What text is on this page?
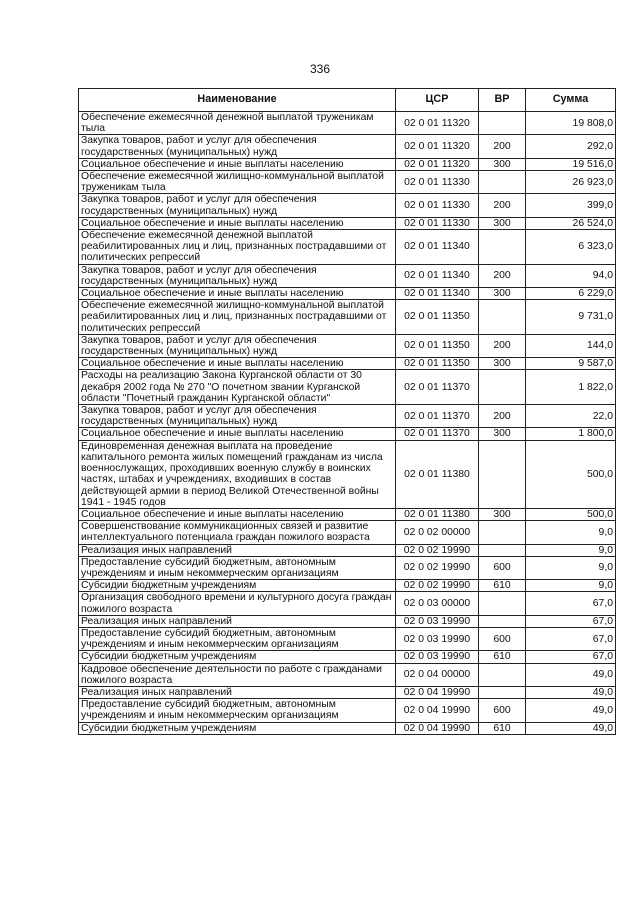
336
Наименование	ЦСР	ВР	Сумма
Обеспечение ежемесячной денежной выплатой труженикам тыла	02 0 01 11320		19 808,0
Закупка товаров, работ и услуг для обеспечения государственных (муниципальных) нужд	02 0 01 11320	200	292,0
Социальное обеспечение и иные выплаты населению	02 0 01 11320	300	19 516,0
Обеспечение ежемесячной жилищно-коммунальной выплатой труженикам тыла	02 0 01 11330		26 923,0
Закупка товаров, работ и услуг для обеспечения государственных (муниципальных) нужд	02 0 01 11330	200	399,0
Социальное обеспечение и иные выплаты населению	02 0 01 11330	300	26 524,0
Обеспечение ежемесячной денежной выплатой реабилитированных лиц и лиц, признанных пострадавшими от политических репрессий	02 0 01 11340		6 323,0
Закупка товаров, работ и услуг для обеспечения государственных (муниципальных) нужд	02 0 01 11340	200	94,0
Социальное обеспечение и иные выплаты населению	02 0 01 11340	300	6 229,0
Обеспечение ежемесячной жилищно-коммунальной выплатой реабилитированных лиц и лиц, признанных пострадавшими от политических репрессий	02 0 01 11350		9 731,0
Закупка товаров, работ и услуг для обеспечения государственных (муниципальных) нужд	02 0 01 11350	200	144,0
Социальное обеспечение и иные выплаты населению	02 0 01 11350	300	9 587,0
Расходы на реализацию Закона Курганской области от 30 декабря 2002 года № 270 "О почетном звании Курганской области "Почетный гражданин Курганской области"	02 0 01 11370		1 822,0
Закупка товаров, работ и услуг для обеспечения государственных (муниципальных) нужд	02 0 01 11370	200	22,0
Социальное обеспечение и иные выплаты населению	02 0 01 11370	300	1 800,0
Единовременная денежная выплата на проведение капитального ремонта жилых помещений гражданам из числа военнослужащих, проходивших военную службу в воинских частях, штабах и учреждениях, входивших в состав действующей армии в период Великой Отечественной войны 1941 - 1945 годов	02 0 01 11380		500,0
Социальное обеспечение и иные выплаты населению	02 0 01 11380	300	500,0
Совершенствование коммуникационных связей и развитие интеллектуального потенциала граждан пожилого возраста	02 0 02 00000		9,0
Реализация иных направлений	02 0 02 19990		9,0
Предоставление субсидий бюджетным, автономным учреждениям и иным некоммерческим организациям	02 0 02 19990	600	9,0
Субсидии бюджетным учреждениям	02 0 02 19990	610	9,0
Организация свободного времени и культурного досуга граждан пожилого возраста	02 0 03 00000		67,0
Реализация иных направлений	02 0 03 19990		67,0
Предоставление субсидий бюджетным, автономным учреждениям и иным некоммерческим организациям	02 0 03 19990	600	67,0
Субсидии бюджетным учреждениям	02 0 03 19990	610	67,0
Кадровое обеспечение деятельности по работе с гражданами пожилого возраста	02 0 04 00000		49,0
Реализация иных направлений	02 0 04 19990		49,0
Предоставление субсидий бюджетным, автономным учреждениям и иным некоммерческим организациям	02 0 04 19990	600	49,0
Субсидии бюджетным учреждениям	02 0 04 19990	610	49,0
